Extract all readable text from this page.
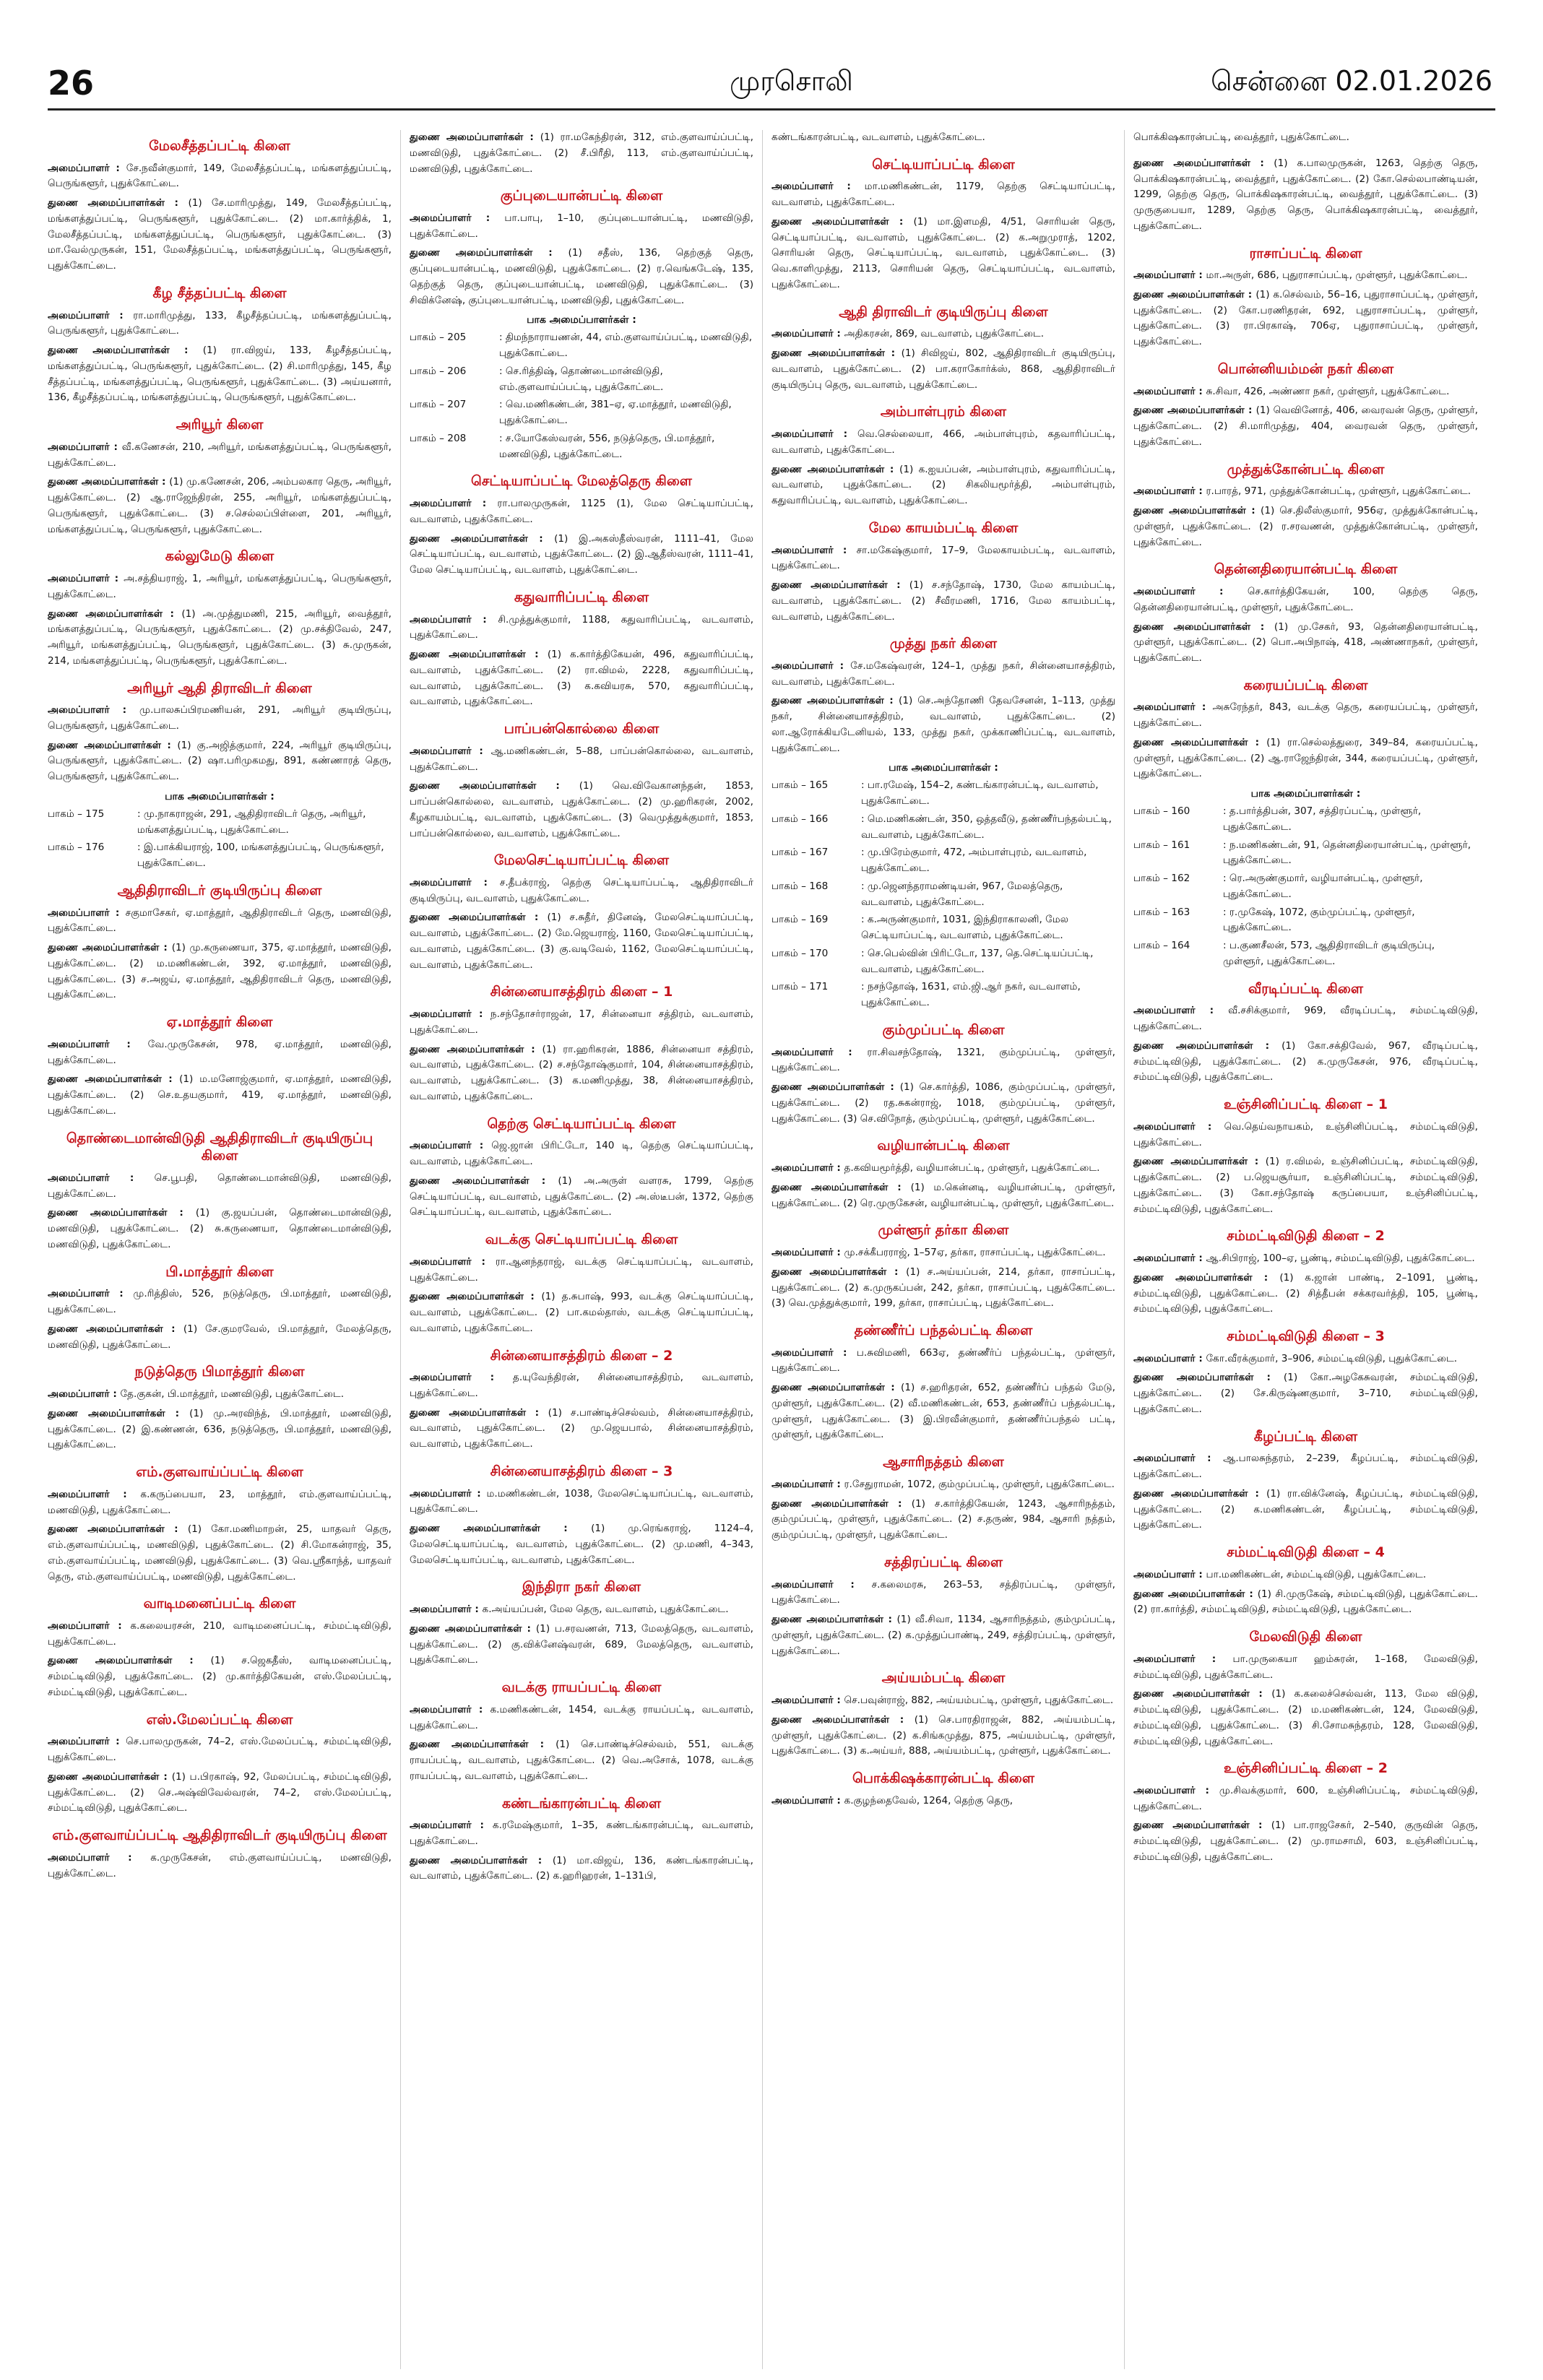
26	முரசொலி	சென்னை 02.01.2026
மேலசீத்தப்பட்டி கிளை

அமைப்பாளர் : சே.நவீன்குமார், 149, மேலசீத்தப்பட்டி, மங்களத்துப்பட்டி, பெருங்களூர், புதுக்கோட்டை.

துணை அமைப்பாளர்கள் : (1) சே.மாரிமுத்து, 149, மேலசீத்தப்பட்டி, மங்களத்துப்பட்டி, பெருங்களூர், புதுக்கோட்டை. (2) மா.கார்த்திக், 1, மேலசீத்தப்பட்டி, மங்களத்துப்பட்டி, பெருங்களூர், புதுக்கோட்டை. (3) மா.வேல்முருகன், 151, மேலசீத்தப்பட்டி, மங்களத்துப்பட்டி, பெருங்களூர், புதுக்கோட்டை.

கீழ சீத்தப்பட்டி கிளை

அமைப்பாளர் : ரா.மாரிமுத்து, 133, கீழசீத்தப்பட்டி, மங்களத்துப்பட்டி, பெருங்களூர், புதுக்கோட்டை.

துணை அமைப்பாளர்கள் : (1) ரா.விஜய், 133, கீழசீத்தப்பட்டி, மங்களத்துப்பட்டி, பெருங்களூர், புதுக்கோட்டை. (2) சி.மாரிமுத்து, 145, கீழ சீத்தப்பட்டி, மங்களத்துப்பட்டி, பெருங்களூர், புதுக்கோட்டை. (3) அய்யனார், 136, கீழசீத்தப்பட்டி, மங்களத்துப்பட்டி, பெருங்களூர், புதுக்கோட்டை.

அரியூர் கிளை

அமைப்பாளர் : வீ.கணேசன், 210, அரியூர், மங்களத்துப்பட்டி, பெருங்களூர், புதுக்கோட்டை.

துணை அமைப்பாளர்கள் : (1) மு.கணேசன், 206, அம்பலகார தெரு, அரியூர், புதுக்கோட்டை. (2) ஆ.ராஜேந்திரன், 255, அரியூர், மங்களத்துப்பட்டி, பெருங்களூர், புதுக்கோட்டை. (3) ச.செல்லப்பிள்ளை, 201, அரியூர், மங்களத்துப்பட்டி, பெருங்களூர், புதுக்கோட்டை.

கல்லுமேடு கிளை

அமைப்பாளர் : அ.சத்தியராஜ், 1, அரியூர், மங்களத்துப்பட்டி, பெருங்களூர், புதுக்கோட்டை.

துணை அமைப்பாளர்கள் : (1) அ.முத்துமணி, 215, அரியூர், வைத்தூர், மங்களத்துப்பட்டி, பெருங்களூர், புதுக்கோட்டை. (2) மு.சக்திவேல், 247, அரியூர், மங்களத்துப்பட்டி, பெருங்களூர், புதுக்கோட்டை. (3) சு.முருகன், 214, மங்களத்துப்பட்டி, பெருங்களூர், புதுக்கோட்டை.

அரியூர் ஆதி திராவிடர் கிளை

அமைப்பாளர் : மு.பாலசுப்பிரமணியன், 291, அரியூர் குடியிருப்பு, பெருங்களூர், புதுக்கோட்டை.

துணை அமைப்பாளர்கள் : (1) கு.அஜித்குமார், 224, அரியூர் குடியிருப்பு, பெருங்களூர், புதுக்கோட்டை. (2) ஷா.பரிமுகமது, 891, கண்ணாரத் தெரு, பெருங்களூர், புதுக்கோட்டை.

பாக அமைப்பாளர்கள் :
பாகம் – 175	: மு.நாகராஜன், 291, ஆதிதிராவிடர் தெரு, அரியூர், மங்களத்துப்பட்டி, புதுக்கோட்டை.
பாகம் – 176	: இ.பாக்கியராஜ், 100, மங்களத்துப்பட்டி, பெருங்களூர், புதுக்கோட்டை.
ஆதிதிராவிடர் குடியிருப்பு கிளை

அமைப்பாளர் : சகுமாசேகர், ஏ.மாத்தூர், ஆதிதிராவிடர் தெரு, மணவிடுதி, புதுக்கோட்டை.

துணை அமைப்பாளர்கள் : (1) மு.கருணையா, 375, ஏ.மாத்தூர், மணவிடுதி, புதுக்கோட்டை. (2) ம.மணிகண்டன், 392, ஏ.மாத்தூர், மணவிடுதி, புதுக்கோட்டை. (3) ச.அஜய், ஏ.மாத்தூர், ஆதிதிராவிடர் தெரு, மணவிடுதி, புதுக்கோட்டை.

ஏ.மாத்தூர் கிளை

அமைப்பாளர் : வே.முருகேசன், 978, ஏ.மாத்தூர், மணவிடுதி, புதுக்கோட்டை.

துணை அமைப்பாளர்கள் : (1) ம.மனோஜ்குமார், ஏ.மாத்தூர், மணவிடுதி, புதுக்கோட்டை. (2) செ.உதயகுமார், 419, ஏ.மாத்தூர், மணவிடுதி, புதுக்கோட்டை.

தொண்டைமான்விடுதி ஆதிதிராவிடர் குடியிருப்பு கிளை

அமைப்பாளர் : செ.பூபதி, தொண்டைமான்விடுதி, மணவிடுதி, புதுக்கோட்டை.

துணை அமைப்பாளர்கள் : (1) கு.ஜயப்பன், தொண்டைமான்விடுதி, மணவிடுதி, புதுக்கோட்டை. (2) சு.கருணையா, தொண்டைமான்விடுதி, மணவிடுதி, புதுக்கோட்டை.

பி.மாத்தூர் கிளை

அமைப்பாளர் : மு.ரித்திஸ், 526, நடுத்தெரு, பி.மாத்தூர், மணவிடுதி, புதுக்கோட்டை.

துணை அமைப்பாளர்கள் : (1) சே.குமரவேல், பி.மாத்தூர், மேலத்தெரு, மணவிடுதி, புதுக்கோட்டை.

நடுத்தெரு பிமாத்தூர் கிளை

அமைப்பாளர் : தே.குகன், பி.மாத்தூர், மணவிடுதி, புதுக்கோட்டை.

துணை அமைப்பாளர்கள் : (1) மு.அரவிந்த், பி.மாத்தூர், மணவிடுதி, புதுக்கோட்டை. (2) இ.கண்ணன், 636, நடுத்தெரு, பி.மாத்தூர், மணவிடுதி, புதுக்கோட்டை.

எம்.குளவாய்ப்பட்டி கிளை

அமைப்பாளர் : க.கருப்பையா, 23, மாத்தூர், எம்.குளவாய்ப்பட்டி, மணவிடுதி, புதுக்கோட்டை.

துணை அமைப்பாளர்கள் : (1) கோ.மணிமாறன், 25, யாதவர் தெரு, எம்.குளவாய்ப்பட்டி, மணவிடுதி, புதுக்கோட்டை. (2) சி.மோகன்ராஜ், 35, எம்.குளவாய்ப்பட்டி, மணவிடுதி, புதுக்கோட்டை. (3) வெ.ஸ்ரீகாந்த், யாதவர் தெரு, எம்.குளவாய்ப்பட்டி, மணவிடுதி, புதுக்கோட்டை.

வாடிமனைப்பட்டி கிளை

அமைப்பாளர் : க.கலையரசன், 210, வாடிமனைப்பட்டி, சம்மட்டிவிடுதி, புதுக்கோட்டை.

துணை அமைப்பாளர்கள் : (1) ச.ஜெகதீஸ், வாடிமனைப்பட்டி, சம்மட்டிவிடுதி, புதுக்கோட்டை. (2) மு.கார்த்திகேயன், எஸ்.மேலப்பட்டி, சம்மட்டிவிடுதி, புதுக்கோட்டை.

எஸ்.மேலப்பட்டி கிளை

அமைப்பாளர் : செ.பாலமுருகன், 74–2, எஸ்.மேலப்பட்டி, சம்மட்டிவிடுதி, புதுக்கோட்டை.

துணை அமைப்பாளர்கள் : (1) ப.பிரகாஷ், 92, மேலப்பட்டி, சம்மட்டிவிடுதி, புதுக்கோட்டை. (2) செ.அஷ்விவேல்வரன், 74–2, எஸ்.மேலப்பட்டி, சம்மட்டிவிடுதி, புதுக்கோட்டை.

எம்.குளவாய்ப்பட்டி ஆதிதிராவிடர் குடியிருப்பு கிளை

அமைப்பாளர் : க.முருகேசன், எம்.குளவாய்ப்பட்டி, மணவிடுதி, புதுக்கோட்டை.

துணை அமைப்பாளர்கள் : (1) ரா.மகேந்திரன், 312, எம்.குளவாய்ப்பட்டி, மணவிடுதி, புதுக்கோட்டை. (2) சீ.பிரீதி, 113, எம்.குளவாய்ப்பட்டி, மணவிடுதி, புதுக்கோட்டை.

குப்புடையான்பட்டி கிளை

அமைப்பாளர் : பா.பாபு, 1–10, குப்புடையான்பட்டி, மணவிடுதி, புதுக்கோட்டை.

துணை அமைப்பாளர்கள் : (1) சதீஸ், 136, தெற்குத் தெரு, குப்புடையான்பட்டி, மணவிடுதி, புதுக்கோட்டை. (2) ர.வெங்கடேஷ், 135, தெற்குத் தெரு, குப்புடையான்பட்டி, மணவிடுதி, புதுக்கோட்டை. (3) சிவிக்னேஷ், குப்புடையான்பட்டி, மணவிடுதி, புதுக்கோட்டை.

பாக அமைப்பாளர்கள் :
பாகம் – 205	: திமந்நாராயணன், 44, எம்.குளவாய்ப்பட்டி, மணவிடுதி, புதுக்கோட்டை.
பாகம் – 206	: செ.ரித்திஷ், தொண்டைமான்விடுதி, எம்.குளவாய்ப்பட்டி, புதுக்கோட்டை.
பாகம் – 207	: வெ.மணிகண்டன், 381–ஏ, ஏ.மாத்தூர், மணவிடுதி, புதுக்கோட்டை.
பாகம் – 208	: ச.யோகேஸ்வரன், 556, நடுத்தெரு, பி.மாத்தூர், மணவிடுதி, புதுக்கோட்டை.
செட்டியாப்பட்டி மேலத்தெரு கிளை

அமைப்பாளர் : ரா.பாலமுருகன், 1125 (1), மேல செட்டியாப்பட்டி, வடவாளம், புதுக்கோட்டை.

துணை அமைப்பாளர்கள் : (1) இ.அகஸ்தீஸ்வரன், 1111–41, மேல செட்டியாப்பட்டி, வடவாளம், புதுக்கோட்டை. (2) இ.ஆதீஸ்வரன், 1111–41, மேல செட்டியாப்பட்டி, வடவாளம், புதுக்கோட்டை.

கதுவாரிப்பட்டி கிளை

அமைப்பாளர் : சி.முத்துக்குமார், 1188, கதுவாரிப்பட்டி, வடவாளம், புதுக்கோட்டை.

துணை அமைப்பாளர்கள் : (1) க.கார்த்திகேயன், 496, கதுவாரிப்பட்டி, வடவாளம், புதுக்கோட்டை. (2) ரா.விமல், 2228, கதுவாரிப்பட்டி, வடவாளம், புதுக்கோட்டை. (3) க.கவியரசு, 570, கதுவாரிப்பட்டி, வடவாளம், புதுக்கோட்டை.

பாப்பன்கொல்லை கிளை

அமைப்பாளர் : ஆ.மணிகண்டன், 5–88, பாப்பன்கொல்லை, வடவாளம், புதுக்கோட்டை.

துணை அமைப்பாளர்கள் : (1) வெ.விவேகானந்தன், 1853, பாப்பன்கொல்லை, வடவாளம், புதுக்கோட்டை. (2) மு.ஹரிகரன், 2002, கீழகாயம்பட்டி, வடவாளம், புதுக்கோட்டை. (3) வெமுத்துக்குமார், 1853, பாப்பன்கொல்லை, வடவாளம், புதுக்கோட்டை.

மேலசெட்டியாப்பட்டி கிளை

அமைப்பாளர் : ச.தீபக்ராஜ், தெற்கு செட்டியாப்பட்டி, ஆதிதிராவிடர் குடியிருப்பு, வடவாளம், புதுக்கோட்டை.

துணை அமைப்பாளர்கள் : (1) ச.சுதீர், தினேஷ், மேலசெட்டியாப்பட்டி, வடவாளம், புதுக்கோட்டை. (2) மே.ஜெயராஜ், 1160, மேலசெட்டியாப்பட்டி, வடவாளம், புதுக்கோட்டை. (3) கு.வடிவேல், 1162, மேலசெட்டியாப்பட்டி, வடவாளம், புதுக்கோட்டை.

சின்னையாசத்திரம் கிளை – 1

அமைப்பாளர் : ந.சந்தோசர்ராஜன், 17, சின்னையா சத்திரம், வடவாளம், புதுக்கோட்டை.

துணை அமைப்பாளர்கள் : (1) ரா.ஹரிகரன், 1886, சின்னையா சத்திரம், வடவாளம், புதுக்கோட்டை. (2) ச.சந்தோஷ்குமார், 104, சின்னையாசத்திரம், வடவாளம், புதுக்கோட்டை. (3) க.மணிமுத்து, 38, சின்னையாசத்திரம், வடவாளம், புதுக்கோட்டை.

தெற்கு செட்டியாப்பட்டி கிளை

அமைப்பாளர் : ஜெ.ஜான் பிரிட்டோ, 140 டி, தெற்கு செட்டியாப்பட்டி, வடவாளம், புதுக்கோட்டை.

துணை அமைப்பாளர்கள் : (1) அ.அருள் வளரசு, 1799, தெற்கு செட்டியாப்பட்டி, வடவாளம், புதுக்கோட்டை. (2) அ.ஸ்டீபன், 1372, தெற்கு செட்டியாப்பட்டி, வடவாளம், புதுக்கோட்டை.

வடக்கு செட்டியாப்பட்டி கிளை

அமைப்பாளர் : ரா.ஆனந்தராஜ், வடக்கு செட்டியாப்பட்டி, வடவாளம், புதுக்கோட்டை.

துணை அமைப்பாளர்கள் : (1) த.சுபாஷ், 993, வடக்கு செட்டியாப்பட்டி, வடவாளம், புதுக்கோட்டை. (2) பா.கமல்தாஸ், வடக்கு செட்டியாப்பட்டி, வடவாளம், புதுக்கோட்டை.

சின்னையாசத்திரம் கிளை – 2

அமைப்பாளர் : த.யுவேந்திரன், சின்னையாசத்திரம், வடவாளம், புதுக்கோட்டை.

துணை அமைப்பாளர்கள் : (1) ச.பாண்டிச்செல்வம், சின்னையாசத்திரம், வடவாளம், புதுக்கோட்டை. (2) மு.ஜெயபால், சின்னையாசத்திரம், வடவாளம், புதுக்கோட்டை.

சின்னையாசத்திரம் கிளை – 3

அமைப்பாளர் : ம.மணிகண்டன், 1038, மேலசெட்டியாப்பட்டி, வடவாளம், புதுக்கோட்டை.

துணை அமைப்பாளர்கள் : (1) மு.ரெங்கராஜ், 1124–4, மேலசெட்டியாப்பட்டி, வடவாளம், புதுக்கோட்டை. (2) மு.மணி, 4–343, மேலசெட்டியாப்பட்டி, வடவாளம், புதுக்கோட்டை.

இந்திரா நகர் கிளை

அமைப்பாளர் : க.அய்யப்பன், மேல தெரு, வடவாளம், புதுக்கோட்டை.

துணை அமைப்பாளர்கள் : (1) ப.சரவணன், 713, மேலத்தெரு, வடவாளம், புதுக்கோட்டை. (2) கு.விக்னேஷ்வரன், 689, மேலத்தெரு, வடவாளம், புதுக்கோட்டை.

வடக்கு ராயப்பட்டி கிளை

அமைப்பாளர் : க.மணிகண்டன், 1454, வடக்கு ராயப்பட்டி, வடவாளம், புதுக்கோட்டை.

துணை அமைப்பாளர்கள் : (1) செ.பாண்டிச்செல்வம், 551, வடக்கு ராயப்பட்டி, வடவாளம், புதுக்கோட்டை. (2) வெ.அசோக், 1078, வடக்கு ராயப்பட்டி, வடவாளம், புதுக்கோட்டை.

கண்டங்காரன்பட்டி கிளை

அமைப்பாளர் : க.ரமேஷ்குமார், 1–35, கண்டங்காரன்பட்டி, வடவாளம், புதுக்கோட்டை.

துணை அமைப்பாளர்கள் : (1) மா.விஜய், 136, கண்டங்காரன்பட்டி, வடவாளம், புதுக்கோட்டை. (2) க.ஹரிஹரன், 1–131பி,

கண்டங்காரன்பட்டி, வடவாளம், புதுக்கோட்டை.

செட்டியாப்பட்டி கிளை

அமைப்பாளர் : மா.மணிகண்டன், 1179, தெற்கு செட்டியாப்பட்டி, வடவாளம், புதுக்கோட்டை.

துணை அமைப்பாளர்கள் : (1) மா.இளமதி, 4/51, சொரியன் தெரு, செட்டியாப்பட்டி, வடவாளம், புதுக்கோட்டை. (2) க.அறுமுராத், 1202, சொரியன் தெரு, செட்டியாப்பட்டி, வடவாளம், புதுக்கோட்டை. (3) வெ.காளிமுத்து, 2113, சொரியன் தெரு, செட்டியாப்பட்டி, வடவாளம், புதுக்கோட்டை.

ஆதி திராவிடர் குடியிருப்பு கிளை

அமைப்பாளர் : அதிகரசன், 869, வடவாளம், புதுக்கோட்டை.

துணை அமைப்பாளர்கள் : (1) சிவிஜய், 802, ஆதிதிராவிடர் குடியிருப்பு, வடவாளம், புதுக்கோட்டை. (2) பா.கராகோர்க்ஸ், 868, ஆதிதிராவிடர் குடியிருப்பு தெரு, வடவாளம், புதுக்கோட்டை.

அம்பாள்புரம் கிளை

அமைப்பாளர் : வெ.செல்லையா, 466, அம்பாள்புரம், கதவாரிப்பட்டி, வடவாளம், புதுக்கோட்டை.

துணை அமைப்பாளர்கள் : (1) க.ஐயப்பன், அம்பாள்புரம், கதுவாரிப்பட்டி, வடவாளம், புதுக்கோட்டை. (2) சிகலியமூர்த்தி, அம்பாள்புரம், கதுவாரிப்பட்டி, வடவாளம், புதுக்கோட்டை.

மேல காயம்பட்டி கிளை

அமைப்பாளர் : சா.மகேஷ்குமார், 17–9, மேலகாயம்பட்டி, வடவாளம், புதுக்கோட்டை.

துணை அமைப்பாளர்கள் : (1) ச.சந்தோஷ், 1730, மேல காயம்பட்டி, வடவாளம், புதுக்கோட்டை. (2) சீவீரமணி, 1716, மேல காயம்பட்டி, வடவாளம், புதுக்கோட்டை.

முத்து நகர் கிளை

அமைப்பாளர் : சே.மகேஷ்வரன், 124–1, முத்து நகர், சின்னையாசத்திரம், வடவாளம், புதுக்கோட்டை.

துணை அமைப்பாளர்கள் : (1) செ.அந்தோணி தேவசேனன், 1–113, முத்து நகர், சின்னையாசத்திரம், வடவாளம், புதுக்கோட்டை. (2) லா.ஆரோக்கியடேனியல், 133, முத்து நகர், முக்காணிப்பட்டி, வடவாளம், புதுக்கோட்டை.

பாக அமைப்பாளர்கள் :
பாகம் – 165	: பா.ரமேஷ், 154–2, கண்டங்காரன்பட்டி, வடவாளம், புதுக்கோட்டை.
பாகம் – 166	: மெ.மணிகண்டன், 350, ஒத்தவீடு, தண்ணீர்பந்தல்பட்டி, வடவாளம், புதுக்கோட்டை.
பாகம் – 167	: மு.பிரேம்குமார், 472, அம்பாள்புரம், வடவாளம், புதுக்கோட்டை.
பாகம் – 168	: மு.ஜெனந்தராமண்டியன், 967, மேலத்தெரு, வடவாளம், புதுக்கோட்டை.
பாகம் – 169	: க.அருண்குமார், 1031, இந்திராகாலனி, மேல செட்டியாப்பட்டி, வடவாளம், புதுக்கோட்டை.
பாகம் – 170	: செ.பெல்வின் பிரிட்டோ, 137, தெ.செட்டியப்பட்டி, வடவாளம், புதுக்கோட்டை.
பாகம் – 171	: நசந்தோஷ், 1631, எம்.ஜி.ஆர் நகர், வடவாளம், புதுக்கோட்டை.
கும்முப்பட்டி கிளை

அமைப்பாளர் : ரா.சிவசந்தோஷ், 1321, கும்முப்பட்டி, முள்ளூர், புதுக்கோட்டை.

துணை அமைப்பாளர்கள் : (1) செ.கார்த்தி, 1086, கும்முப்பட்டி, முள்ளூர், புதுக்கோட்டை. (2) ரத.சுகன்ராஜ், 1018, கும்முப்பட்டி, முள்ளூர், புதுக்கோட்டை. (3) செ.விநோத், கும்முப்பட்டி, முள்ளூர், புதுக்கோட்டை.

வழியான்பட்டி கிளை

அமைப்பாளர் : த.கவியமூர்த்தி, வழியான்பட்டி, முள்ளூர், புதுக்கோட்டை.

துணை அமைப்பாளர்கள் : (1) ம.கென்னடி, வழியான்பட்டி, முள்ளூர், புதுக்கோட்டை. (2) ரெ.முருகேசன், வழியான்பட்டி, முள்ளூர், புதுக்கோட்டை.

முள்ளூர் தர்கா கிளை

அமைப்பாளர் : மு.சக்கீபரராஜ், 1–57ஏ, தர்கா, ராசாப்பட்டி, புதுக்கோட்டை.

துணை அமைப்பாளர்கள் : (1) ச.அய்யப்பன், 214, தர்கா, ராசாப்பட்டி, புதுக்கோட்டை. (2) க.முருகப்பன், 242, தர்கா, ராசாப்பட்டி, புதுக்கோட்டை. (3) வெ.முத்துக்குமார், 199, தர்கா, ராசாப்பட்டி, புதுக்கோட்டை.

தண்ணீர்ப் பந்தல்பட்டி கிளை

அமைப்பாளர் : ப.சுவிமணி, 663ஏ, தண்ணீர்ப் பந்தல்பட்டி, முள்ளூர், புதுக்கோட்டை.

துணை அமைப்பாளர்கள் : (1) ச.ஹரிதரன், 652, தண்ணீர்ப் பந்தல் மேடு, முள்ளூர், புதுக்கோட்டை. (2) வீ.மணிகண்டன், 653, தண்ணீர்ப் பந்தல்பட்டி, முள்ளூர், புதுக்கோட்டை. (3) இ.பிரவீன்குமார், தண்ணீர்ப்பந்தல் பட்டி, முள்ளூர், புதுக்கோட்டை.

ஆசாரிநத்தம் கிளை

அமைப்பாளர் : ர.சேதுராமன், 1072, கும்முப்பட்டி, முள்ளூர், புதுக்கோட்டை.

துணை அமைப்பாளர்கள் : (1) ச.கார்த்திகேயன், 1243, ஆசாரிநத்தம், கும்முப்பட்டி, முள்ளூர், புதுக்கோட்டை. (2) ச.தருண், 984, ஆசாரி நத்தம், கும்முப்பட்டி, முள்ளூர், புதுக்கோட்டை.

சத்திரப்பட்டி கிளை

அமைப்பாளர் : ச.கலைமரசு, 263–53, சத்திரப்பட்டி, முள்ளூர், புதுக்கோட்டை.

துணை அமைப்பாளர்கள் : (1) வீ.சிவா, 1134, ஆசாரிநத்தம், கும்முப்பட்டி, முள்ளூர், புதுக்கோட்டை. (2) க.முத்துப்பாண்டி, 249, சத்திரப்பட்டி, முள்ளூர், புதுக்கோட்டை.

அய்யம்பட்டி கிளை

அமைப்பாளர் : செ.பவுன்ராஜ், 882, அய்யம்பட்டி, முள்ளூர், புதுக்கோட்டை.

துணை அமைப்பாளர்கள் : (1) செ.பாரதிராஜன், 882, அய்யம்பட்டி, முள்ளூர், புதுக்கோட்டை. (2) க.சிங்கமுத்து, 875, அய்யம்பட்டி, முள்ளூர், புதுக்கோட்டை. (3) க.அய்யர், 888, அய்யம்பட்டி, முள்ளூர், புதுக்கோட்டை.

பொக்கிஷக்காரன்பட்டி கிளை

அமைப்பாளர் : க.குழந்தைவேல், 1264, தெற்கு தெரு,

பொக்கிஷகாரன்பட்டி, வைத்தூர், புதுக்கோட்டை.

துணை அமைப்பாளர்கள் : (1) க.பாலமுருகன், 1263, தெற்கு தெரு, பொக்கிஷகாரன்பட்டி, வைத்தூர், புதுக்கோட்டை. (2) கோ.செல்லபாண்டியன், 1299, தெற்கு தெரு, பொக்கிஷகாரன்பட்டி, வைத்தூர், புதுக்கோட்டை. (3) முருகுபையா, 1289, தெற்கு தெரு, பொக்கிஷகாரன்பட்டி, வைத்தூர், புதுக்கோட்டை.

ராசாப்பட்டி கிளை

அமைப்பாளர் : மா.அருள், 686, புதுராசாப்பட்டி, முள்ளூர், புதுக்கோட்டை.

துணை அமைப்பாளர்கள் : (1) க.செல்வம், 56–16, புதுராசாப்பட்டி, முள்ளூர், புதுக்கோட்டை. (2) கோ.பரணிதரன், 692, புதுராசாப்பட்டி, முள்ளூர், புதுக்கோட்டை. (3) ரா.பிரகாஷ், 706ஏ, புதுராசாப்பட்டி, முள்ளூர், புதுக்கோட்டை.

பொன்னியம்மன் நகர் கிளை

அமைப்பாளர் : சு.சிவா, 426, அண்ணா நகர், முள்ளூர், புதுக்கோட்டை.

துணை அமைப்பாளர்கள் : (1) வெவினோத், 406, வைரவன் தெரு, முள்ளூர், புதுக்கோட்டை. (2) சி.மாரிமுத்து, 404, வைரவன் தெரு, முள்ளூர், புதுக்கோட்டை.

முத்துக்கோன்பட்டி கிளை

அமைப்பாளர் : ர.பாரத், 971, முத்துக்கோன்பட்டி, முள்ளூர், புதுக்கோட்டை.

துணை அமைப்பாளர்கள் : (1) செ.திலீஸ்குமார், 956ஏ, முத்துக்கோன்பட்டி, முள்ளூர், புதுக்கோட்டை. (2) ர.சரவணன், முத்துக்கோன்பட்டி, முள்ளூர், புதுக்கோட்டை.

தென்னதிரையான்பட்டி கிளை

அமைப்பாளர் : செ.கார்த்திகேயன், 100, தெற்கு தெரு, தென்னதிரையான்பட்டி, முள்ளூர், புதுக்கோட்டை.

துணை அமைப்பாளர்கள் : (1) மு.சேகர், 93, தென்னதிரையான்பட்டி, முள்ளூர், புதுக்கோட்டை. (2) பொ.அபிநாஷ், 418, அண்ணாநகர், முள்ளூர், புதுக்கோட்டை.

கரையப்பட்டி கிளை

அமைப்பாளர் : அசுரேந்தர், 843, வடக்கு தெரு, கரையப்பட்டி, முள்ளூர், புதுக்கோட்டை.

துணை அமைப்பாளர்கள் : (1) ரா.செல்லத்துரை, 349–84, கரையப்பட்டி, முள்ளூர், புதுக்கோட்டை. (2) ஆ.ராஜேந்திரன், 344, கரையப்பட்டி, முள்ளூர், புதுக்கோட்டை.

பாக அமைப்பாளர்கள் :
பாகம் – 160	: த.பார்த்திபன், 307, சத்திரப்பட்டி, முள்ளூர், புதுக்கோட்டை.
பாகம் – 161	: ந.மணிகண்டன், 91, தென்னதிரையான்பட்டி, முள்ளூர், புதுக்கோட்டை.
பாகம் – 162	: ரெ.அருண்குமார், வழியான்பட்டி, முள்ளூர், புதுக்கோட்டை.
பாகம் – 163	: ர.முகேஷ், 1072, கும்முப்பட்டி, முள்ளூர், புதுக்கோட்டை.
பாகம் – 164	: ப.குணசீலன், 573, ஆதிதிராவிடர் குடியிருப்பு, முள்ளூர், புதுக்கோட்டை.
வீரடிப்பட்டி கிளை

அமைப்பாளர் : வீ.சசிக்குமார், 969, வீரடிப்பட்டி, சம்மட்டிவிடுதி, புதுக்கோட்டை.

துணை அமைப்பாளர்கள் : (1) கோ.சக்திவேல், 967, வீரடிப்பட்டி, சம்மட்டிவிடுதி, புதுக்கோட்டை. (2) க.முருகேசன், 976, வீரடிப்பட்டி, சம்மட்டிவிடுதி, புதுக்கோட்டை.

உஞ்சினிப்பட்டி கிளை – 1

அமைப்பாளர் : வெ.தெய்வநாயகம், உஞ்சினிப்பட்டி, சம்மட்டிவிடுதி, புதுக்கோட்டை.

துணை அமைப்பாளர்கள் : (1) ர.விமல், உஞ்சினிப்பட்டி, சம்மட்டிவிடுதி, புதுக்கோட்டை. (2) ப.ஜெயசூர்யா, உஞ்சினிப்பட்டி, சம்மட்டிவிடுதி, புதுக்கோட்டை. (3) கோ.சந்தோஷ் கருப்பையா, உஞ்சினிப்பட்டி, சம்மட்டிவிடுதி, புதுக்கோட்டை.

சம்மட்டிவிடுதி கிளை – 2

அமைப்பாளர் : ஆ.சிபிராஜ், 100–ஏ, பூண்டி, சம்மட்டிவிடுதி, புதுக்கோட்டை.

துணை அமைப்பாளர்கள் : (1) க.ஜான் பாண்டி, 2–1091, பூண்டி, சம்மட்டிவிடுதி, புதுக்கோட்டை. (2) சித்தீபன் சக்கரவர்த்தி, 105, பூண்டி, சம்மட்டிவிடுதி, புதுக்கோட்டை.

சம்மட்டிவிடுதி கிளை – 3

அமைப்பாளர் : கோ.வீரக்குமார், 3–906, சம்மட்டிவிடுதி, புதுக்கோட்டை.

துணை அமைப்பாளர்கள் : (1) கோ.அழகேசுவரன், சம்மட்டிவிடுதி, புதுக்கோட்டை. (2) சே.கிருஷ்ணகுமார், 3–710, சம்மட்டிவிடுதி, புதுக்கோட்டை.

கீழப்பட்டி கிளை

அமைப்பாளர் : ஆ.பாலசுந்தரம், 2–239, கீழப்பட்டி, சம்மட்டிவிடுதி, புதுக்கோட்டை.

துணை அமைப்பாளர்கள் : (1) ரா.விக்னேஷ், கீழப்பட்டி, சம்மட்டிவிடுதி, புதுக்கோட்டை. (2) க.மணிகண்டன், கீழப்பட்டி, சம்மட்டிவிடுதி, புதுக்கோட்டை.

சம்மட்டிவிடுதி கிளை – 4

அமைப்பாளர் : பா.மணிகண்டன், சம்மட்டிவிடுதி, புதுக்கோட்டை.

துணை அமைப்பாளர்கள் : (1) சி.முருகேஷ், சம்மட்டிவிடுதி, புதுக்கோட்டை. (2) ரா.கார்த்தி, சம்மட்டிவிடுதி, சம்மட்டிவிடுதி, புதுக்கோட்டை.

மேலவிடுதி கிளை

அமைப்பாளர் : பா.முருகையா ஹம்சுரன், 1–168, மேலவிடுதி, சம்மட்டிவிடுதி, புதுக்கோட்டை.

துணை அமைப்பாளர்கள் : (1) க.கலைச்செல்வன், 113, மேல விடுதி, சம்மட்டிவிடுதி, புதுக்கோட்டை. (2) ம.மணிகண்டன், 124, மேலவிடுதி, சம்மட்டிவிடுதி, புதுக்கோட்டை. (3) சி.சோமசுந்தரம், 128, மேலவிடுதி, சம்மட்டிவிடுதி, புதுக்கோட்டை.

உஞ்சினிப்பட்டி கிளை – 2

அமைப்பாளர் : மு.சிவக்குமார், 600, உஞ்சினிப்பட்டி, சம்மட்டிவிடுதி, புதுக்கோட்டை.

துணை அமைப்பாளர்கள் : (1) பா.ராஜசேகர், 2–540, குருவின் தெரு, சம்மட்டிவிடுதி, புதுக்கோட்டை. (2) மு.ராமசாமி, 603, உஞ்சினிப்பட்டி, சம்மட்டிவிடுதி, புதுக்கோட்டை.
